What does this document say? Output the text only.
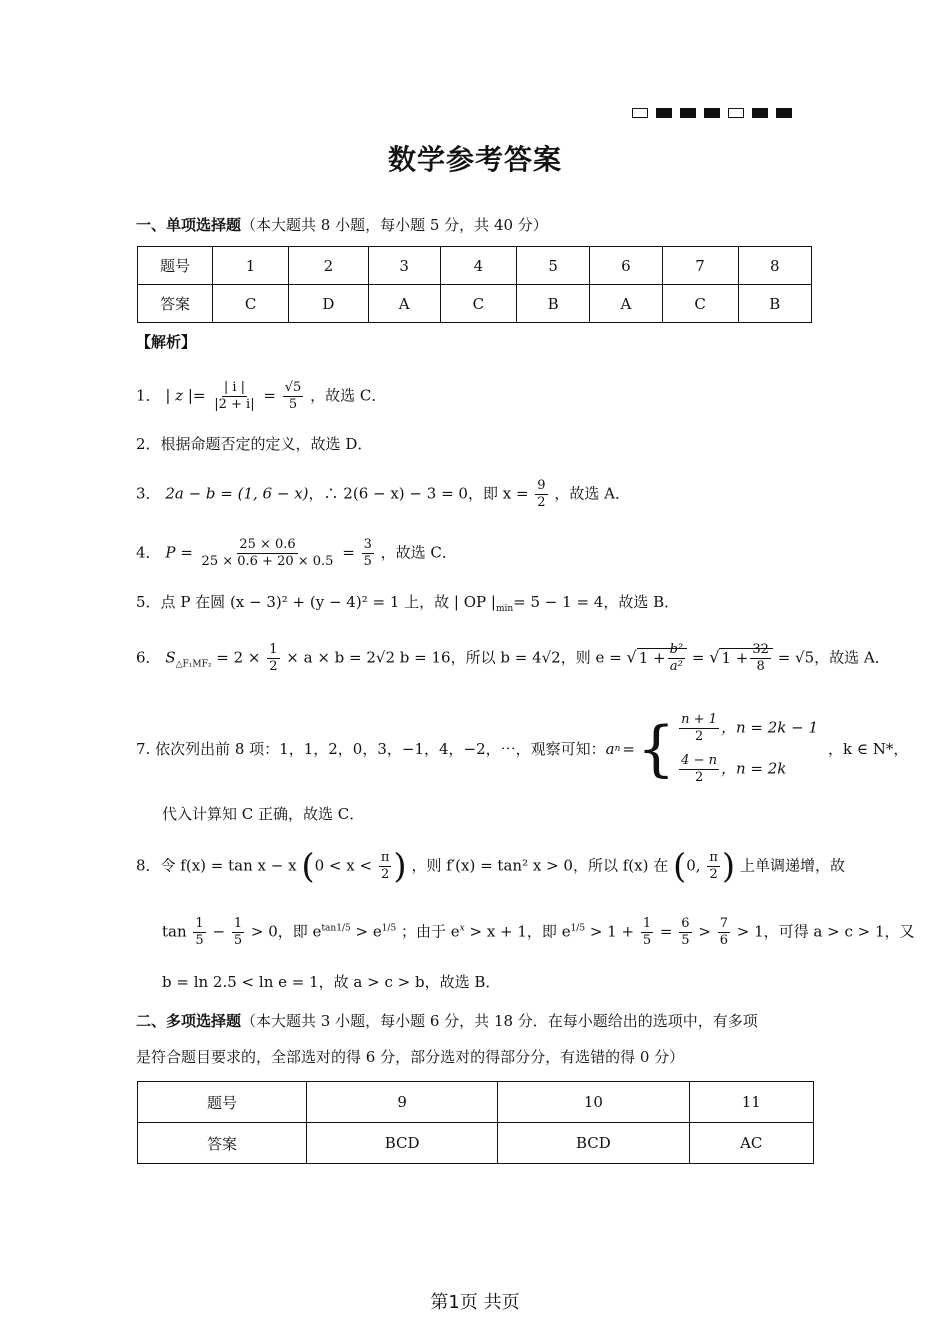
数学参考答案
一、单项选择题（本大题共 8 小题，每小题 5 分，共 40 分）
题号	1	2	3	4	5	6	7	8
答案	C	D	A	C	B	A	C	B
【解析】
1． | z |= $\frac{| i |}{|2 + i|} = \frac{√5}{5}$ ，故选 C．
2．根据命题否定的定义，故选 D．
3． 2a − b = (1, 6 − x)，∴ 2(6 − x) − 3 = 0，即 $x = \frac{9}{2}$ ，故选 A．
4． $P = \frac{25 \times 0.6}{25 \times 0.6 + 20 \times 0.5} = \frac{3}{5}$ ，故选 C．
5．点 P 在圆 (x − 3)² + (y − 4)² = 1 上，故 | OP $|_{min}= 5 - 1 = 4$，故选 B．
6． $S_{\triangle F_1MF_2} = 2 \times \frac{1}{2} \times a \times b = 2√2$ b = 16，所以 b = 4√2，则 e = √ $1 + \frac{\text{b²}}{\text{a²}}$ = √ $1 + \frac{32}{8} = √5$，故选 A．
7. 依次列出前 8 项：1，1，2，0，3，−1，4，−2，⋯，观察可知： a n = { $\frac{n + 1}{2}$ ，n = 2k − 1
$\frac{4 - n}{2}$ ，n = 2k
，k ∈ N*，
代入计算知 C 正确，故选 C．
8．令 f(x) = tan x − x ($0 < x < \frac{\pi}{2}$ ) ，则 f′(x) = tan² x > 0，所以 f(x) 在 (0, $\frac{\pi}{2}$ ) 上单调递增，故
$\tan \frac{1}{5} - \frac{1}{5} > 0$，即 $e^{tan1/5} > e^{1/5}$ ；由于 $e^x > x + 1$，即 $e^{1/5} > 1 + \frac{1}{5} = \frac{6}{5} > \frac{7}{6} > 1$，可得 a > c > 1，又
b = ln 2.5 < ln e = 1，故 a > c > b，故选 B．
二、多项选择题（本大题共 3 小题，每小题 6 分，共 18 分．在每小题给出的选项中，有多项
是符合题目要求的，全部选对的得 6 分，部分选对的得部分分，有选错的得 0 分）
题号	9	10	11
答案	BCD	BCD	AC
第1页 共页
